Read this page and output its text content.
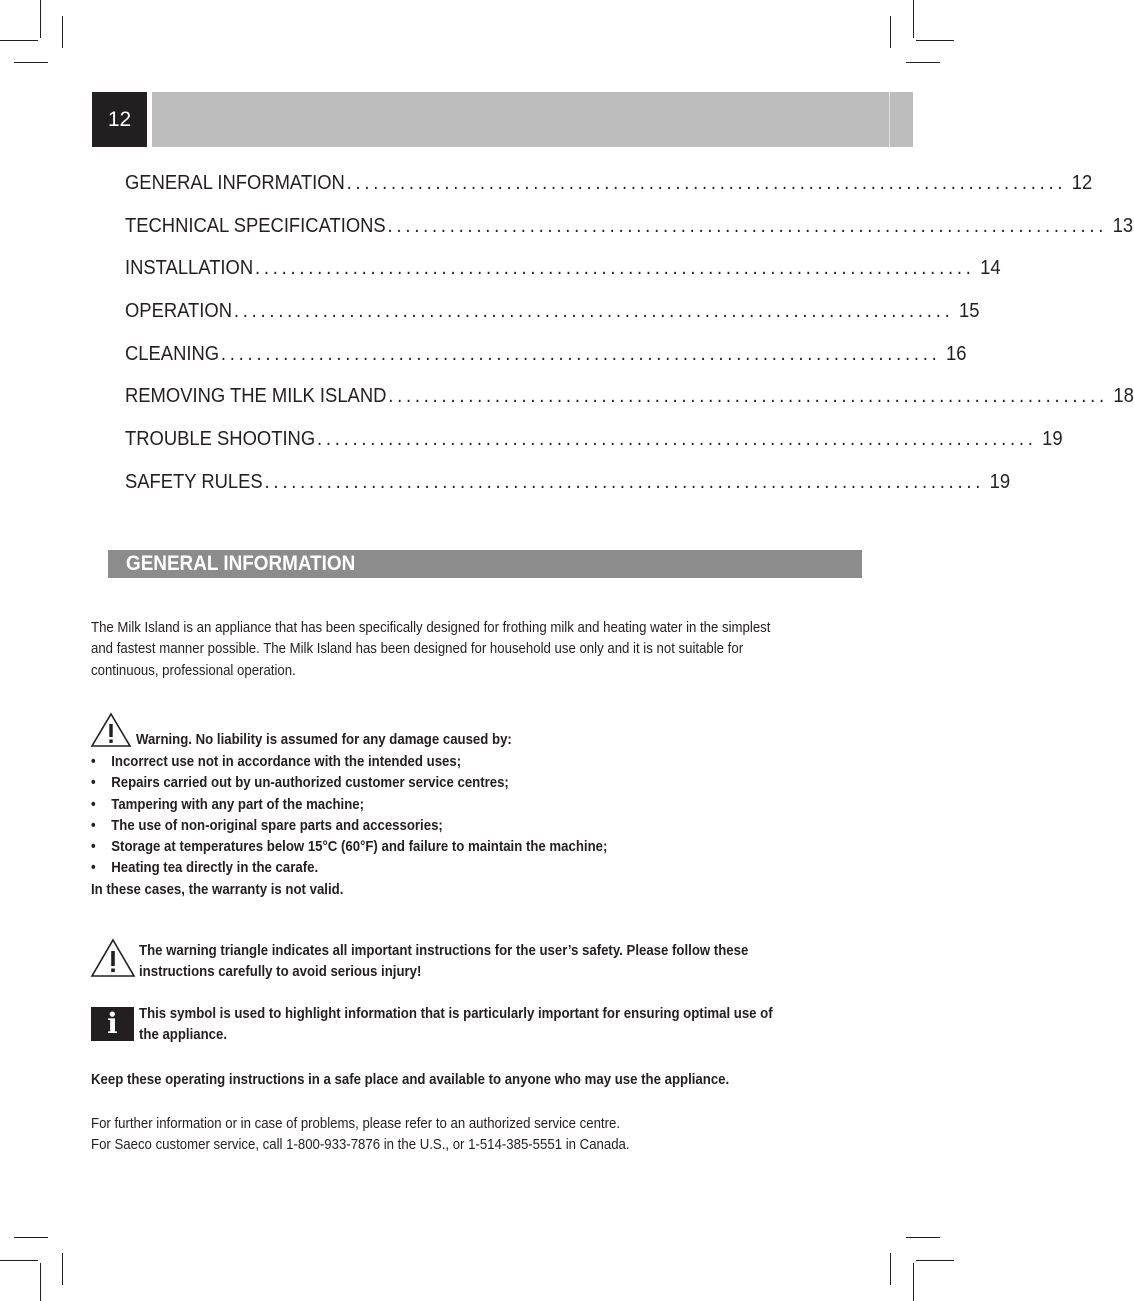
12
GENERAL INFORMATION ................................................................................. 12
TECHNICAL SPECIFICATIONS ................................................................................. 13
INSTALLATION ................................................................................. 14
OPERATION ................................................................................. 15
CLEANING ................................................................................. 16
REMOVING THE MILK ISLAND ................................................................................. 18
TROUBLE SHOOTING ................................................................................. 19
SAFETY RULES ................................................................................. 19
GENERAL INFORMATION
The Milk Island is an appliance that has been specifically designed for frothing milk and heating water in the simplest
and fastest manner possible. The Milk Island has been designed for household use only and it is not suitable for
continuous, professional operation.
Warning. No liability is assumed for any damage caused by:
• Incorrect use not in accordance with the intended uses;
• Repairs carried out by un-authorized customer service centres;
• Tampering with any part of the machine;
• The use of non-original spare parts and accessories;
• Storage at temperatures below 15°C (60°F) and failure to maintain the machine;
• Heating tea directly in the carafe.
In these cases, the warranty is not valid.
The warning triangle indicates all important instructions for the user’s safety. Please follow these
instructions carefully to avoid serious injury!
i	This symbol is used to highlight information that is particularly important for ensuring optimal use of
the appliance.
Keep these operating instructions in a safe place and available to anyone who may use the appliance.
For further information or in case of problems, please refer to an authorized service centre.
For Saeco customer service, call 1-800-933-7876 in the U.S., or 1-514-385-5551 in Canada.
